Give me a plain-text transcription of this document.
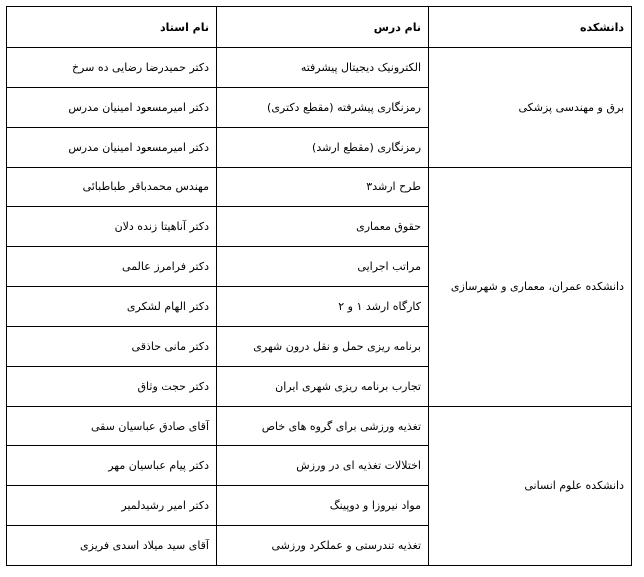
دانشکده	نام درس	نام استاد
برق و مهندسی پزشکی	الکترونیک دیجیتال پیشرفته	دکتر حمیدرضا رضایی ده سرخ
	رمزنگاری پیشرفته (مقطع دکتری)	دکتر امیرمسعود امینیان مدرس
	رمزنگاری (مقطع ارشد)	دکتر امیرمسعود امینیان مدرس
دانشکده عمران، معماری و شهرسازی	طرح ارشد۳	مهندس محمدباقر طباطبائی
	حقوق معماری	دکتر آناهیتا زنده دلان
	مراتب اجرایی	دکتر فرامرز عالمی
	کارگاه ارشد ۱ و ۲	دکتر الهام لشکری
	برنامه ریزی حمل و نقل درون شهری	دکتر مانی حاذقی
	تجارب برنامه ریزی شهری ایران	دکتر حجت وثاق
دانشکده علوم انسانی	تغذیه ورزشی برای گروه های خاص	آقای صادق عباسیان سقی
	اختلالات تغذیه ای در ورزش	دکتر پیام عباسیان مهر
	مواد نیروزا و دوپینگ	دکتر امیر رشیدلمیر
	تغذیه تندرستی و عملکرد ورزشی	آقای سید میلاد اسدی فریزی
